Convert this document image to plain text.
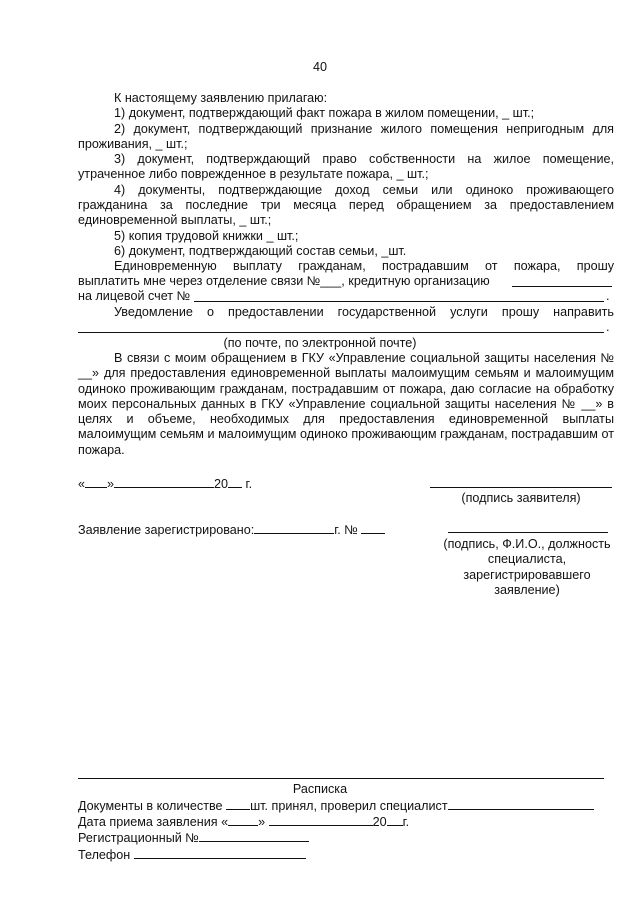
40

К настоящему заявлению прилагаю:

1) документ, подтверждающий факт пожара в жилом помещении, _ шт.;

2) документ, подтверждающий признание жилого помещения непригодным для проживания, _ шт.;

3) документ, подтверждающий право собственности на жилое помещение, утраченное либо поврежденное в результате пожара, _ шт.;

4) документы, подтверждающие доход семьи или одиноко проживающего гражданина за последние три месяца перед обращением за предоставлением единовременной выплаты, _ шт.;

5) копия трудовой книжки _ шт.;

6) документ, подтверждающий состав семьи, _шт.

Единовременную выплату гражданам, пострадавшим от пожара, прошу
выплатить мне через отделение связи №___, кредитную организацию
на лицевой счет №	.
Уведомление о предоставлении государственной услуги прошу направить
.
(по почте, по электронной почте)

В связи с моим обращением в ГКУ «Управление социальной защиты населения № __» для предоставления единовременной выплаты малоимущим семьям и малоимущим одиноко проживающим гражданам, пострадавшим от пожара, даю согласие на обработку моих персональных данных в ГКУ «Управление социальной защиты населения № __» в целях и объеме, необходимых для предоставления единовременной выплаты малоимущим семьям и малоимущим одиноко проживающим гражданам, пострадавшим от пожара.

« »	20 г.
(подпись заявителя)
Заявление зарегистрировано:	г. №
(подпись, Ф.И.О., должность специалиста, зарегистрировавшего заявление)
Расписка
Документы в количестве шт. принял, проверил специалист
Дата приема заявления « »	20 г.
Регистрационный №
Телефон
